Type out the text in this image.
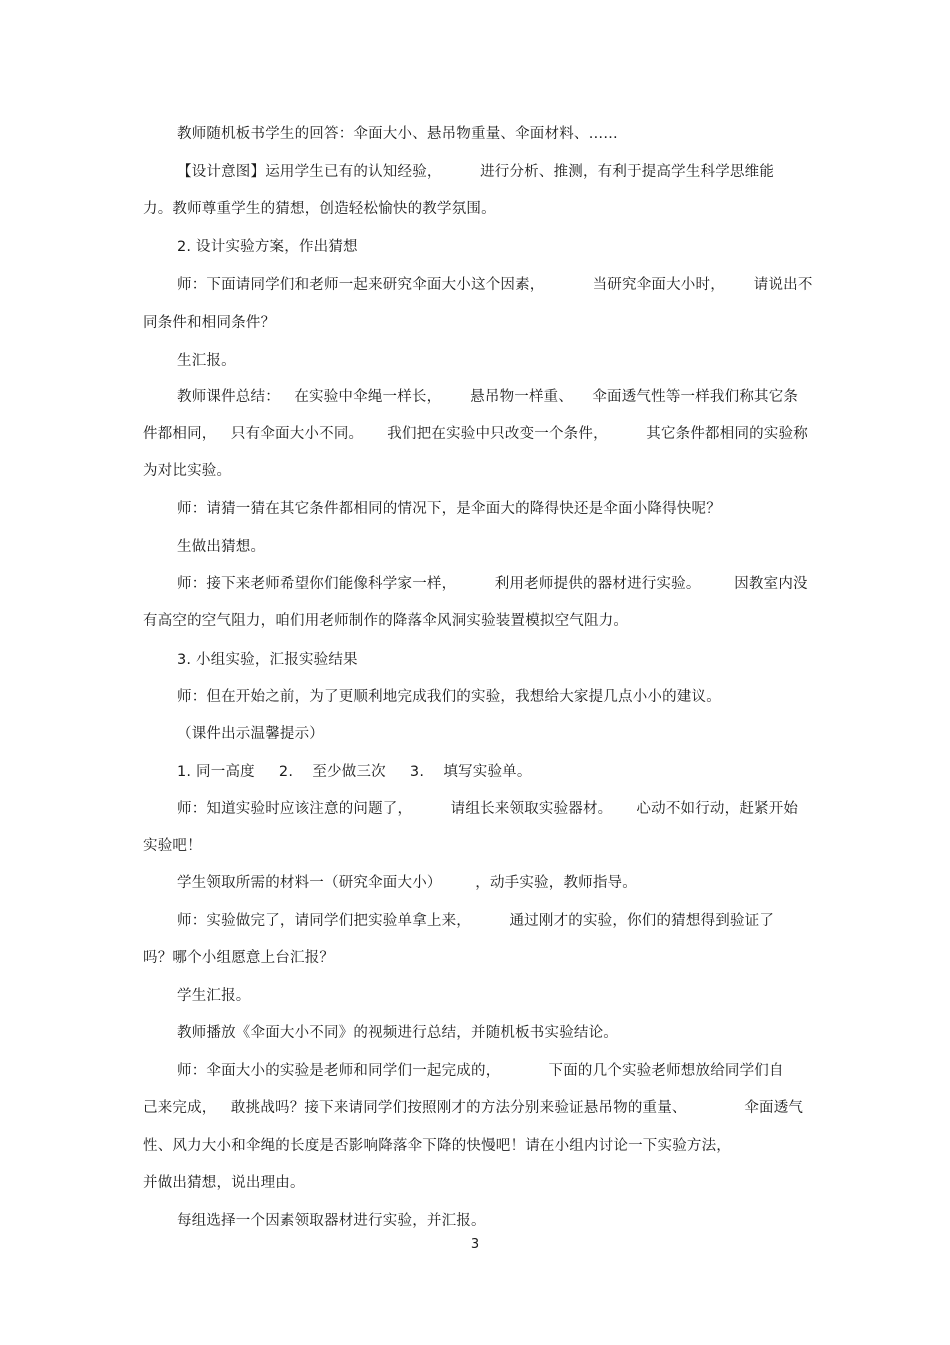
教师随机板书学生的回答：伞面大小、悬吊物重量、伞面材料、……
【设计意图】运用学生已有的认知经验，        进行分析、推测，有利于提高学生科学思维能
力。教师尊重学生的猜想，创造轻松愉快的教学氛围。
2. 设计实验方案，作出猜想
师：下面请同学们和老师一起来研究伞面大小这个因素，          当研究伞面大小时，      请说出不
同条件和相同条件？
生汇报。
教师课件总结：   在实验中伞绳一样长，      悬吊物一样重、    伞面透气性等一样我们称其它条
件都相同，   只有伞面大小不同。     我们把在实验中只改变一个条件，        其它条件都相同的实验称
为对比实验。
师：请猜一猜在其它条件都相同的情况下，是伞面大的降得快还是伞面小降得快呢？
生做出猜想。
师：接下来老师希望你们能像科学家一样，        利用老师提供的器材进行实验。       因教室内没
有高空的空气阻力，咱们用老师制作的降落伞风洞实验装置模拟空气阻力。
3. 小组实验，汇报实验结果
师：但在开始之前，为了更顺利地完成我们的实验，我想给大家提几点小小的建议。
（课件出示温馨提示）
1. 同一高度     2.    至少做三次     3.    填写实验单。
师：知道实验时应该注意的问题了，        请组长来领取实验器材。     心动不如行动，赶紧开始
实验吧！
学生领取所需的材料一（研究伞面大小）       ，动手实验，教师指导。
师：实验做完了，请同学们把实验单拿上来，        通过刚才的实验，你们的猜想得到验证了
吗？哪个小组愿意上台汇报？
学生汇报。
教师播放《伞面大小不同》的视频进行总结，并随机板书实验结论。
师：伞面大小的实验是老师和同学们一起完成的，          下面的几个实验老师想放给同学们自
己来完成，   敢挑战吗？接下来请同学们按照刚才的方法分别来验证悬吊物的重量、            伞面透气
性、风力大小和伞绳的长度是否影响降落伞下降的快慢吧！请在小组内讨论一下实验方法，
并做出猜想，说出理由。
每组选择一个因素领取器材进行实验，并汇报。
3
